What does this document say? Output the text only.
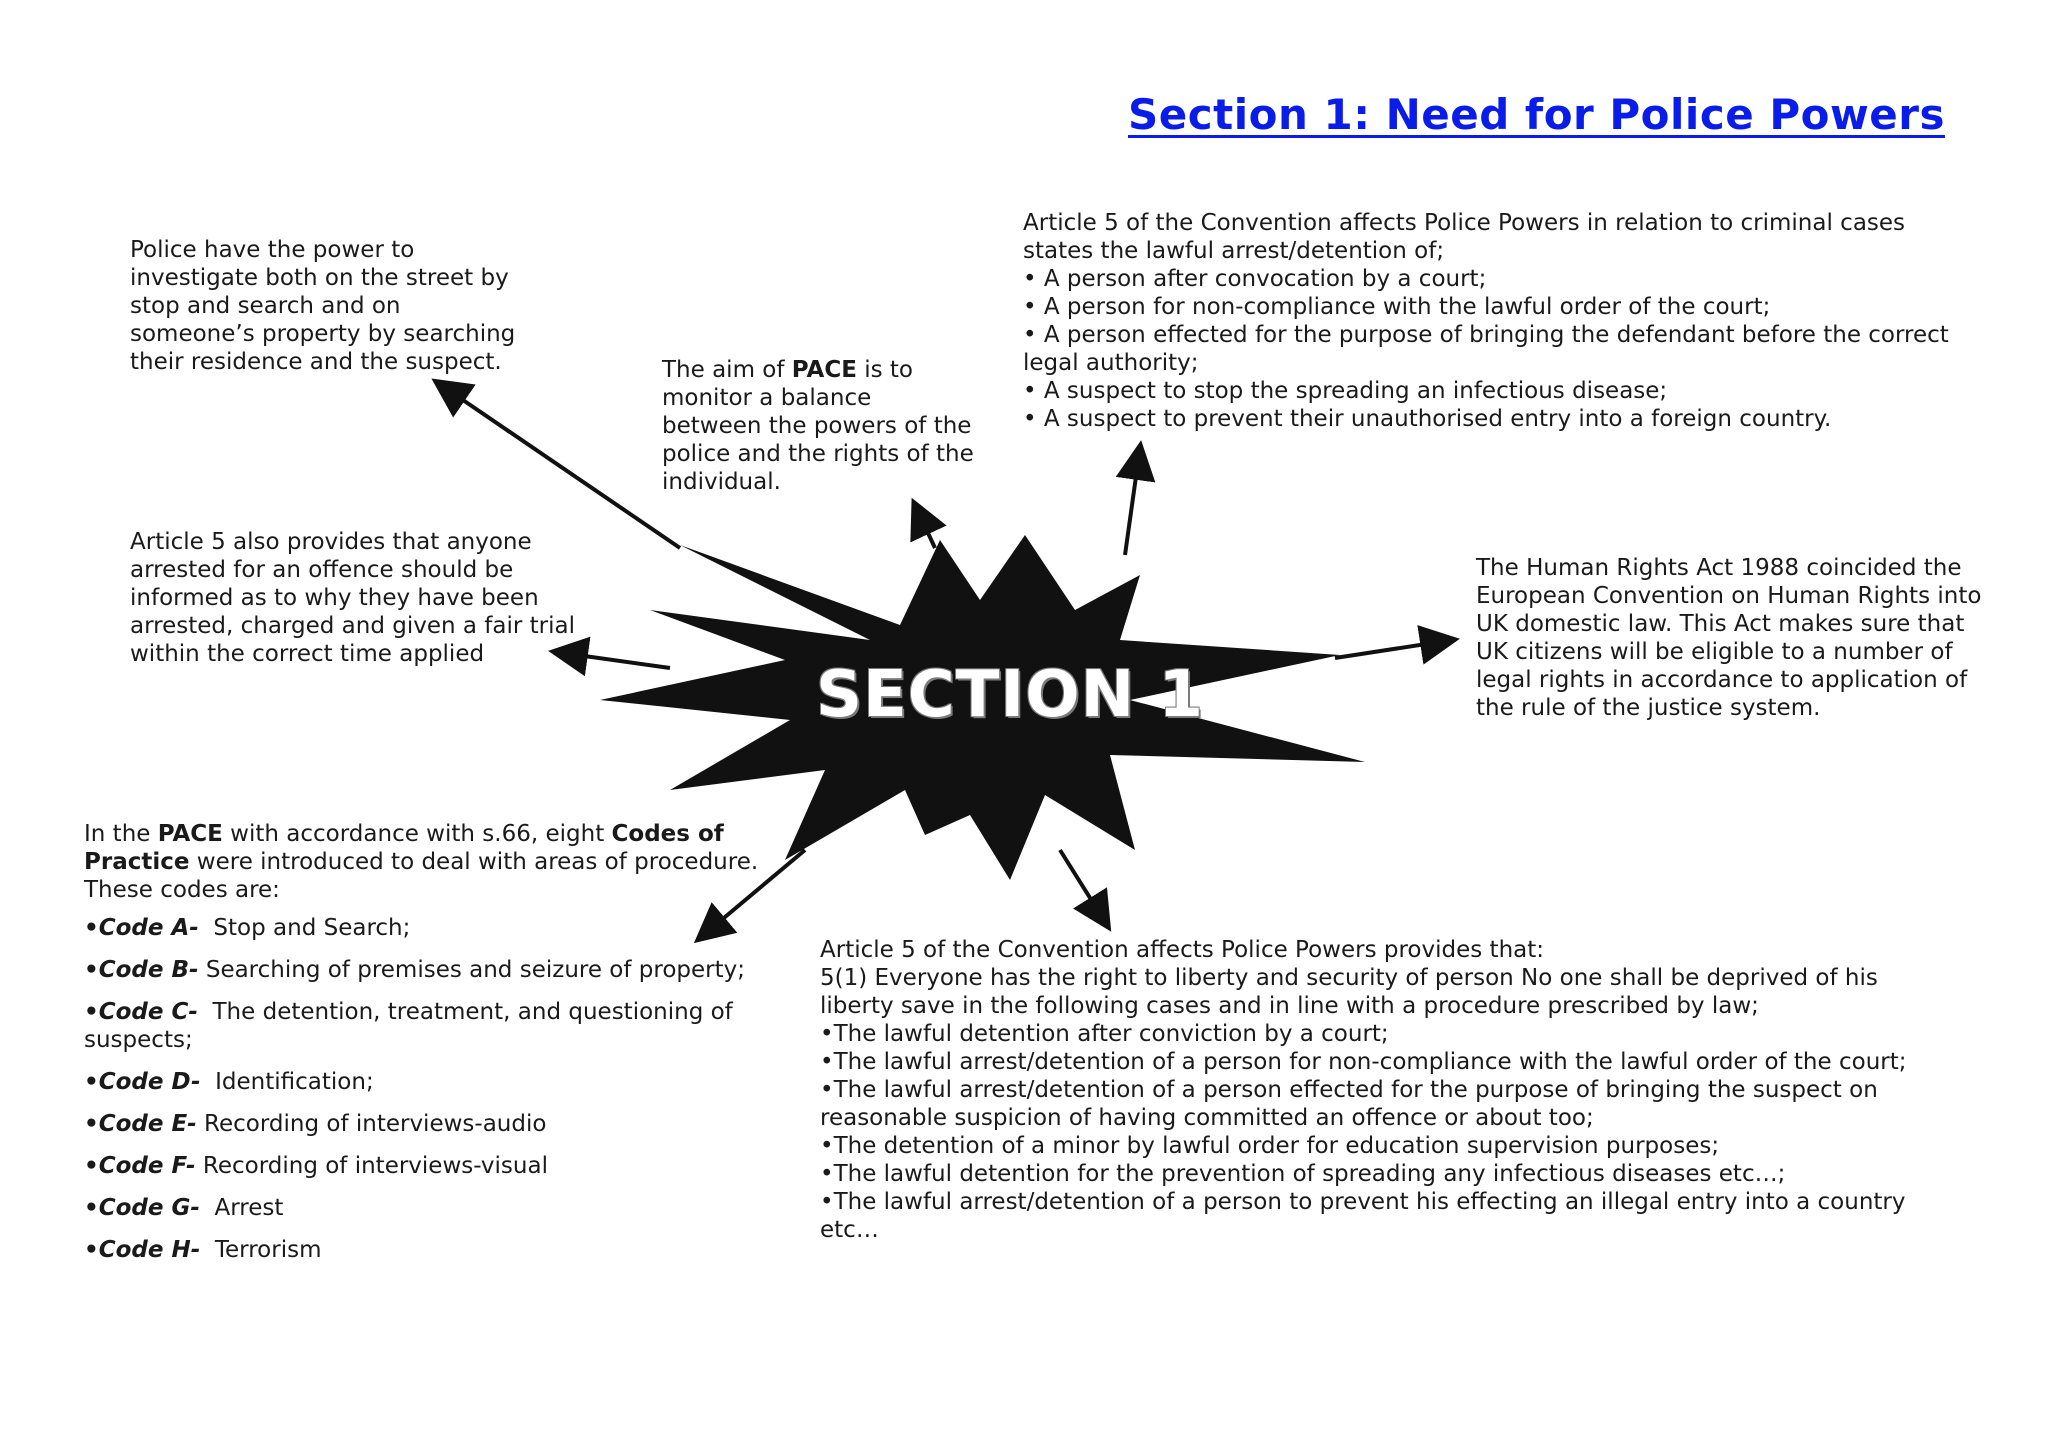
Section 1: Need for Police Powers
SECTION 1

Police have the power to investigate both on the street by stop and search and on someone’s property by searching their residence and the suspect.	The aim of PACE is to monitor a balance between the powers of the police and the rights of the individual.

Article 5 of the Convention affects Police Powers in relation to criminal cases states the lawful arrest/detention of;

• A person after convocation by a court;

• A person for non-compliance with the lawful order of the court;

• A person effected for the purpose of bringing the defendant before the correct legal authority;

• A suspect to stop the spreading an infectious disease;

• A suspect to prevent their unauthorised entry into a foreign country.

Article 5 also provides that anyone arrested for an offence should be informed as to why they have been arrested, charged and given a fair trial within the correct time applied

The Human Rights Act 1988 coincided the European Convention on Human Rights into UK domestic law. This Act makes sure that UK citizens will be eligible to a number of legal rights in accordance to application of the rule of the justice system.

In the PACE with accordance with s.66, eight Codes of Practice were introduced to deal with areas of procedure. These codes are:

•Code A-  Stop and Search;
•Code B- Searching of premises and seizure of property;
•Code C-  The detention, treatment, and questioning of suspects;
•Code D-  Identification;
•Code E- Recording of interviews-audio
•Code F- Recording of interviews-visual
•Code G-  Arrest
•Code H-  Terrorism

Article 5 of the Convention affects Police Powers provides that:

5(1) Everyone has the right to liberty and security of person No one shall be deprived of his liberty save in the following cases and in line with a procedure prescribed by law;

•The lawful detention after conviction by a court;

•The lawful arrest/detention of a person for non-compliance with the lawful order of the court;

•The lawful arrest/detention of a person effected for the purpose of bringing the suspect on reasonable suspicion of having committed an offence or about too;

•The detention of a minor by lawful order for education supervision purposes;

•The lawful detention for the prevention of spreading any infectious diseases etc…;

•The lawful arrest/detention of a person to prevent his effecting an illegal entry into a country etc…
